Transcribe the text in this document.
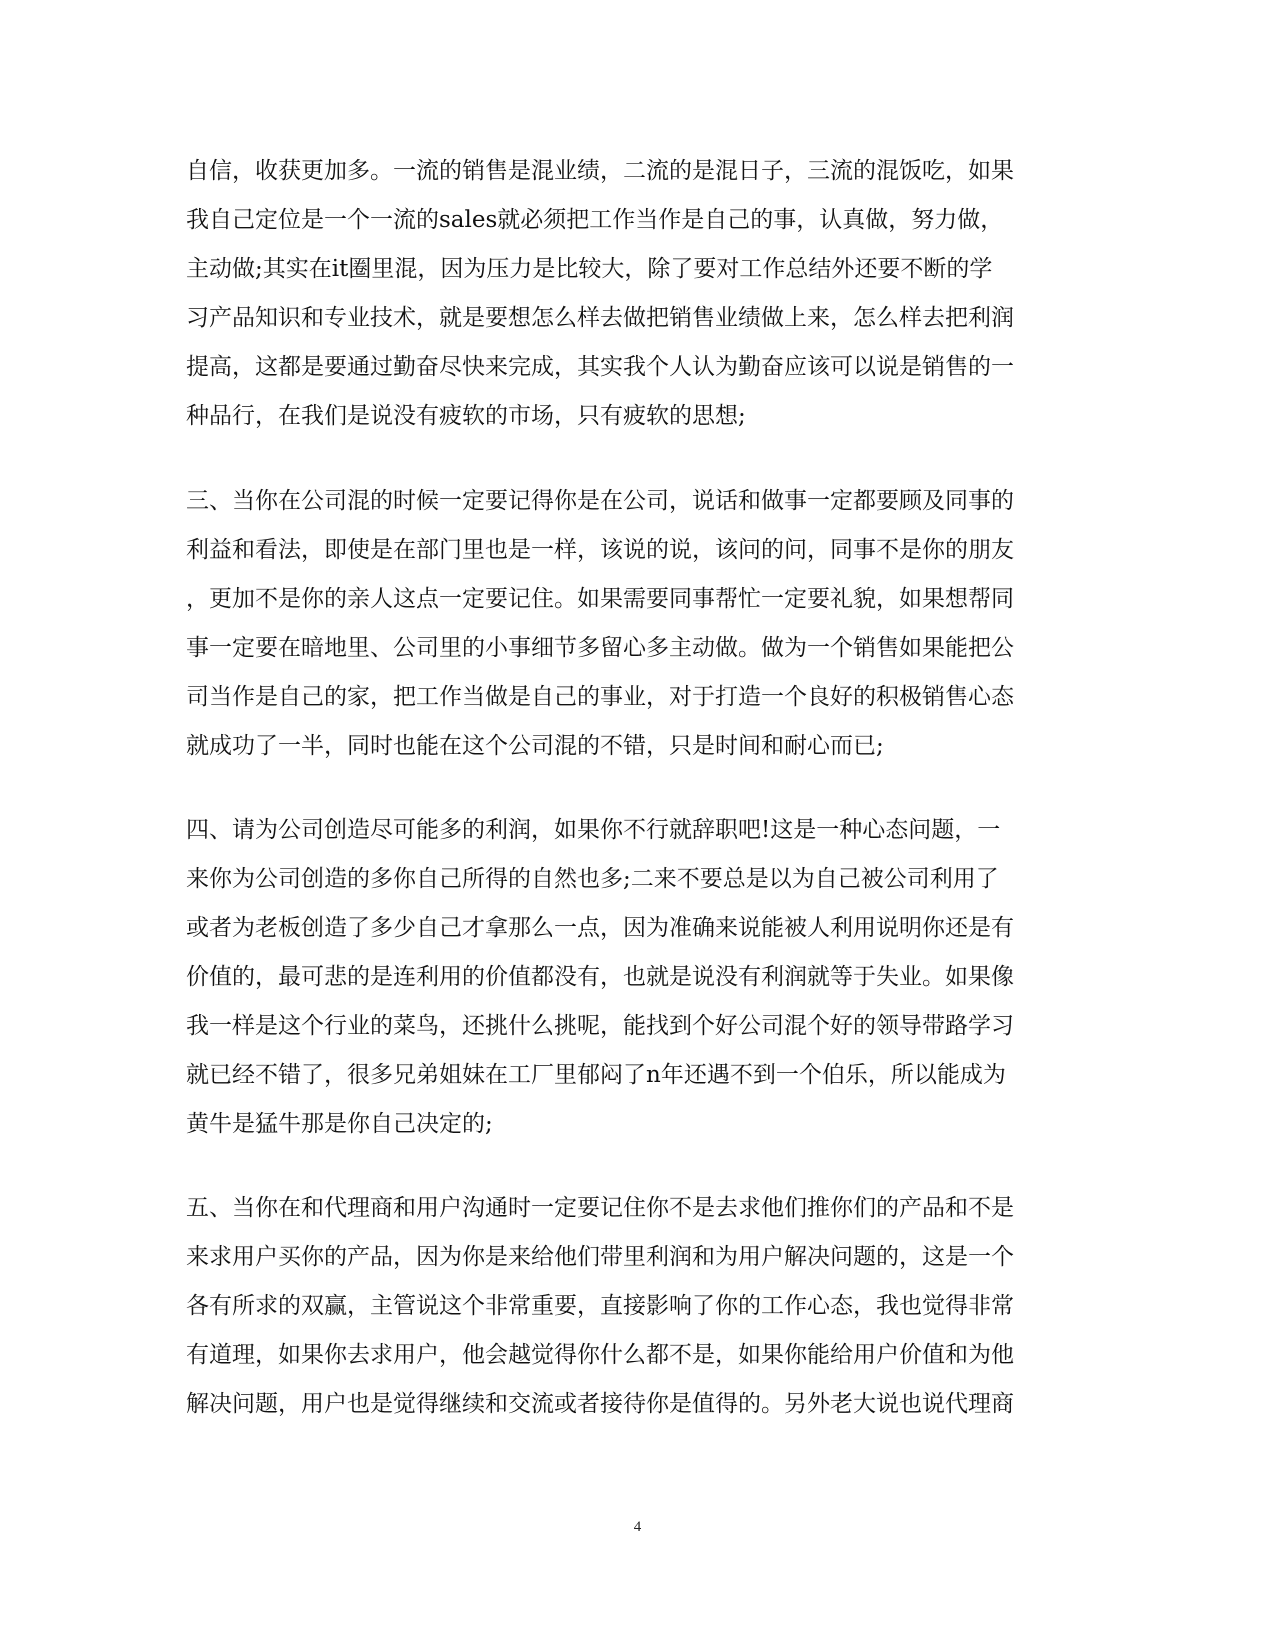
自信，收获更加多。一流的销售是混业绩，二流的是混日子，三流的混饭吃，如果
我自己定位是一个一流的sales就必须把工作当作是自己的事，认真做，努力做，
主动做;其实在it圈里混，因为压力是比较大，除了要对工作总结外还要不断的学
习产品知识和专业技术，就是要想怎么样去做把销售业绩做上来，怎么样去把利润
提高，这都是要通过勤奋尽快来完成，其实我个人认为勤奋应该可以说是销售的一
种品行，在我们是说没有疲软的市场，只有疲软的思想;
三、当你在公司混的时候一定要记得你是在公司，说话和做事一定都要顾及同事的
利益和看法，即使是在部门里也是一样，该说的说，该问的问，同事不是你的朋友
，更加不是你的亲人这点一定要记住。如果需要同事帮忙一定要礼貌，如果想帮同
事一定要在暗地里、公司里的小事细节多留心多主动做。做为一个销售如果能把公
司当作是自己的家，把工作当做是自己的事业，对于打造一个良好的积极销售心态
就成功了一半，同时也能在这个公司混的不错，只是时间和耐心而已;
四、请为公司创造尽可能多的利润，如果你不行就辞职吧!这是一种心态问题，一
来你为公司创造的多你自己所得的自然也多;二来不要总是以为自己被公司利用了
或者为老板创造了多少自己才拿那么一点，因为准确来说能被人利用说明你还是有
价值的，最可悲的是连利用的价值都没有，也就是说没有利润就等于失业。如果像
我一样是这个行业的菜鸟，还挑什么挑呢，能找到个好公司混个好的领导带路学习
就已经不错了，很多兄弟姐妹在工厂里郁闷了n年还遇不到一个伯乐，所以能成为
黄牛是猛牛那是你自己决定的;
五、当你在和代理商和用户沟通时一定要记住你不是去求他们推你们的产品和不是
来求用户买你的产品，因为你是来给他们带里利润和为用户解决问题的，这是一个
各有所求的双赢，主管说这个非常重要，直接影响了你的工作心态，我也觉得非常
有道理，如果你去求用户，他会越觉得你什么都不是，如果你能给用户价值和为他
解决问题，用户也是觉得继续和交流或者接待你是值得的。另外老大说也说代理商
4
